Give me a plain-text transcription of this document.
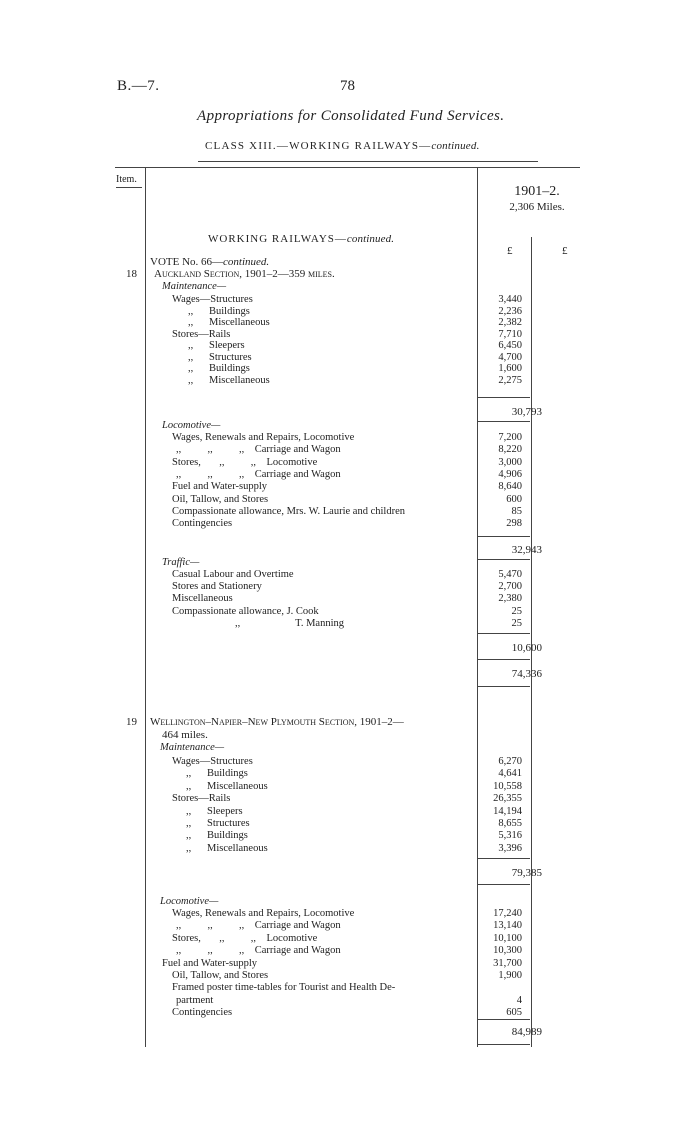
B.—7.	78
Appropriations for Consolidated Fund Services.
CLASS XIII.—WORKING RAILWAYS—continued.
Item.
1901–2.
2,306 Miles.
WORKING RAILWAYS—continued.
£	£
VOTE No. 66—continued.
18 Auckland Section, 1901–2—359 miles.
Maintenance—
Wages—Structures	3,440
,,      Buildings	2,236
,,      Miscellaneous	2,382
Stores—Rails	7,710
,,      Sleepers	6,450
,,      Structures	4,700
,,      Buildings	1,600
,,      Miscellaneous	2,275
30,793
Locomotive—
Wages, Renewals and Repairs, Locomotive	7,200
,,          ,,          ,,    Carriage and Wagon	8,220
Stores,       ,,          ,,    Locomotive	3,000
,,          ,,          ,,    Carriage and Wagon	4,906
Fuel and Water-supply	8,640
Oil, Tallow, and Stores	600
Compassionate allowance, Mrs. W. Laurie and children	85
Contingencies	298
32,943
Traffic—
Casual Labour and Overtime	5,470
Stores and Stationery	2,700
Miscellaneous	2,380
Compassionate allowance, J. Cook	25
,,                     T. Manning	25
10,600
74,336
19 Wellington–Napier–New Plymouth Section, 1901–2—
464 miles.
Maintenance—
Wages—Structures	6,270
,,      Buildings	4,641
,,      Miscellaneous	10,558
Stores—Rails	26,355
,,      Sleepers	14,194
,,      Structures	8,655
,,      Buildings	5,316
,,      Miscellaneous	3,396
79,385
Locomotive—
Wages, Renewals and Repairs, Locomotive	17,240
,,          ,,          ,,    Carriage and Wagon	13,140
Stores,       ,,          ,,    Locomotive	10,100
,,          ,,          ,,    Carriage and Wagon	10,300
Fuel and Water-supply	31,700
Oil, Tallow, and Stores	1,900
Framed poster time-tables for Tourist and Health De-
partment	4
Contingencies	605
84,989
